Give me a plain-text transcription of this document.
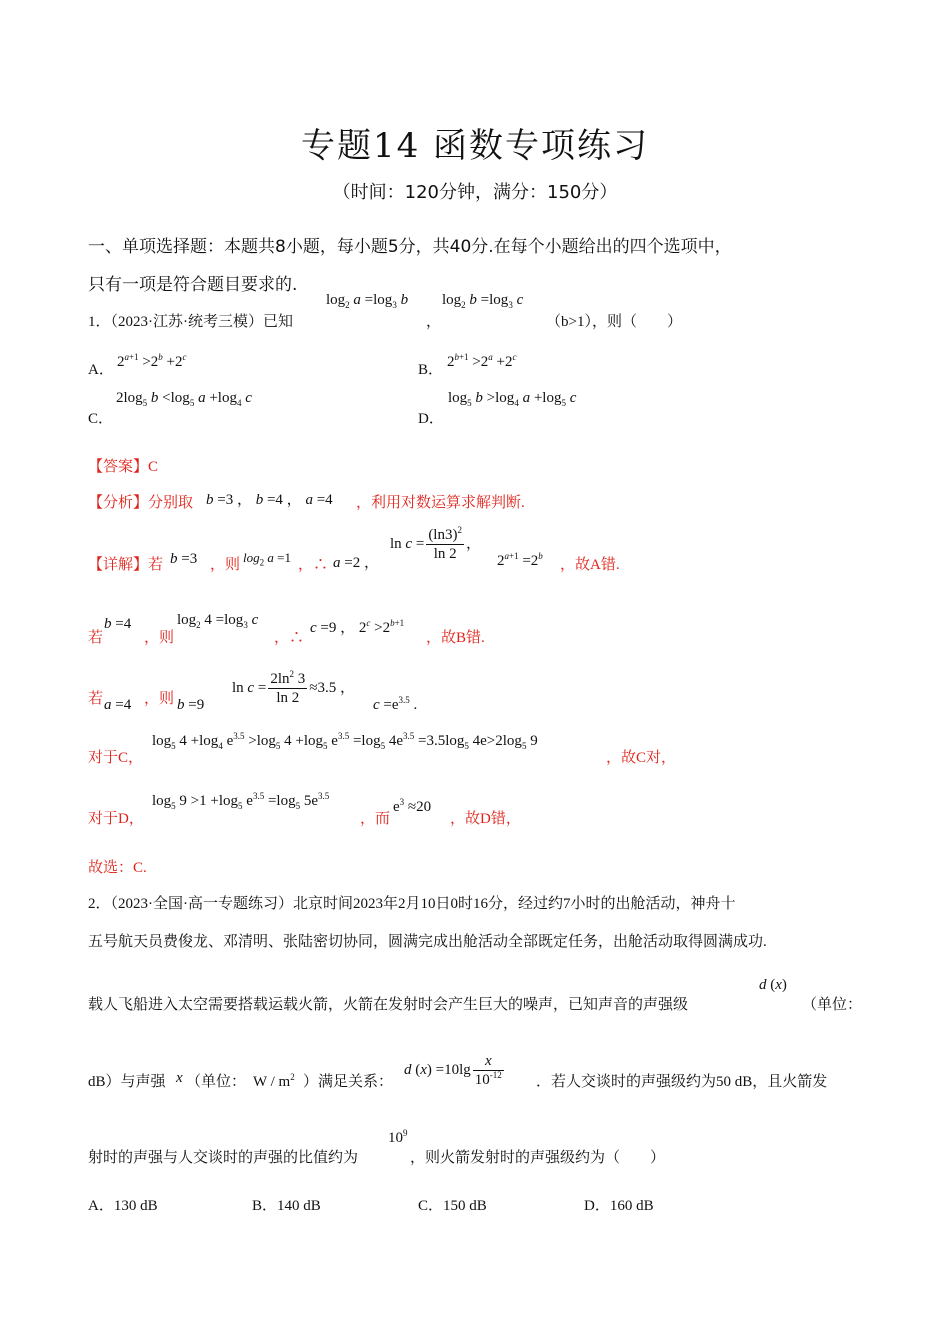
专题14 函数专项练习
（时间：120分钟，满分：150分）
一、单项选择题：本题共8小题，每小题5分，共40分.在每个小题给出的四个选项中，
只有一项是符合题目要求的.
1．（2023·江苏·统考三模）已知
$\log_2 a =\log_3$ b
，
$\log_2 b =\log_3$ c
（b>1），则（　　）
A． $2^{a+1} >2^b +2^c$
B． $2^{b+1} >2^a +2^c$
C．
$2\log_5$ $b <\log_5$ $a +\log_4$ c
D．
$\log_5 b >\log_4$ $a +\log_5$ c
【答案】C
【分析】分别取 b =3 ， b =4 ， a =4 ，利用对数运算求解判断.
【详解】若 b =3 ，则 $\log_2 a =1$ ，∴ a =2 ，
$\ln c = \frac{(\ln 3)^2}{\ln 2}$ ，
$2^{a+1} =2^b$
，故A错.
若
b =4
，则
$\log_2 4 =\log_3$ c
，∴
c =9 ， $2^c >2^{b+1}$
，故B错.
若 a =4 ，则 b =9
$\ln c = \frac{2\ln^2 3}{\ln 2} \approx 3.5$ ，
$c =e^{3.5}$ .
对于C，
$\log_5 4 +\log_4$ $e^{3.5} >\log_5$ $4 +\log_5$ $e^{3.5} =\log_5$ $4e^{3.5} =3.5\log_5$ $4e>2\log_5$ 9
，故C对，
对于D，
$\log_5 9 >1 +\log_5$ $e^{3.5} =\log_5$ $5e^{3.5}$
，而
$e^3 \approx 20$
，故D错，
故选：C.
2．（2023·全国·高一专题练习）北京时间2023年2月10日0时16分，经过约7小时的出舱活动，神舟十
五号航天员费俊龙、邓清明、张陆密切协同，圆满完成出舱活动全部既定任务，出舱活动取得圆满成功.
载人飞船进入太空需要搭载运载火箭，火箭在发射时会产生巨大的噪声，已知声音的声强级
d (x)
（单位：
dB）与声强 x （单位： W / $m^2$ ）满足关系：
d $(x) =10\lg \frac{x}{10^{-12}}$ ．若人交谈时的声强级约为50 dB，且火箭发
射时的声强与人交谈时的声强的比值约为
$10^9$
，则火箭发射时的声强级约为（　　）
A．130 dB	B．140 dB	C．150 dB	D．160 dB
